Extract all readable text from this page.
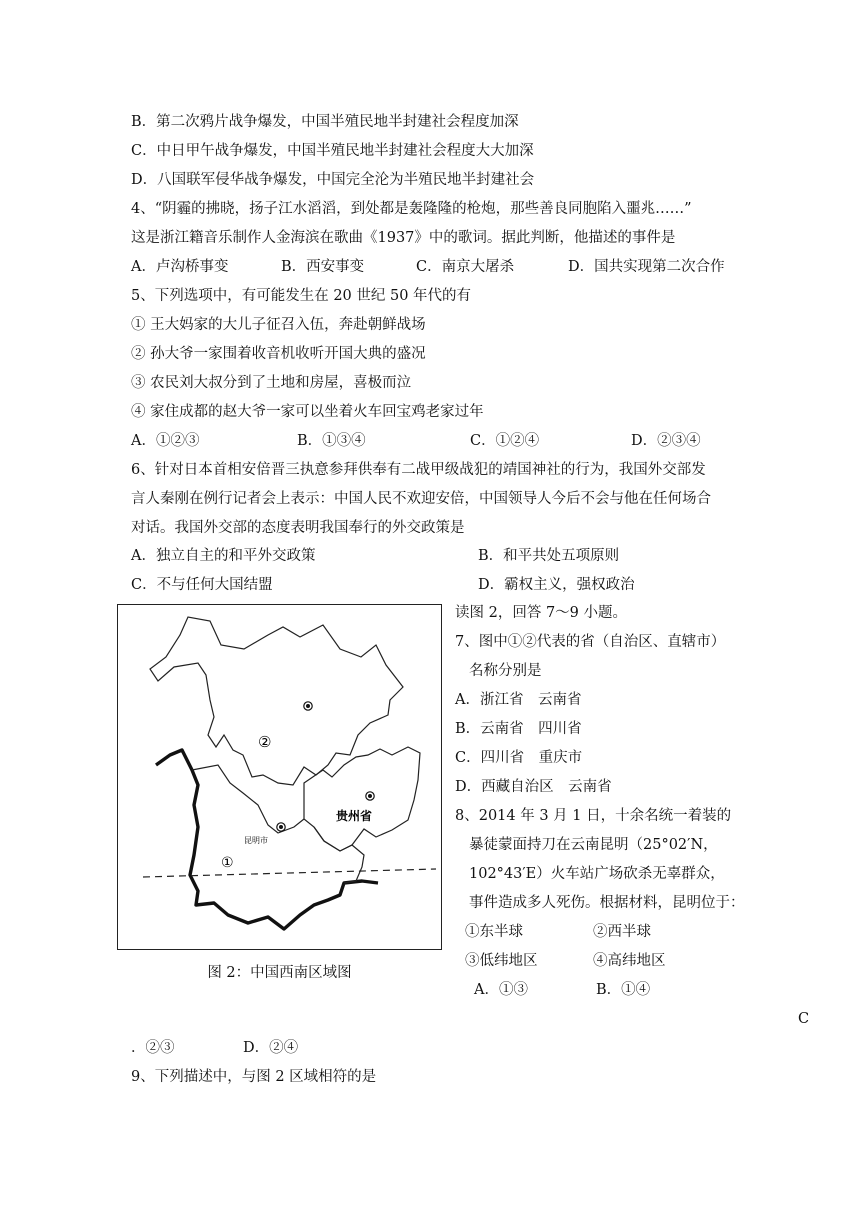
B．第二次鸦片战争爆发，中国半殖民地半封建社会程度加深
C．中日甲午战争爆发，中国半殖民地半封建社会程度大大加深
D．八国联军侵华战争爆发，中国完全沦为半殖民地半封建社会
4、“阴霾的拂晓，扬子江水滔滔，到处都是轰隆隆的枪炮，那些善良同胞陷入噩兆……”
这是浙江籍音乐制作人金海滨在歌曲《1937》中的歌词。据此判断，他描述的事件是
A．卢沟桥事变	B．西安事变	C．南京大屠杀	D．国共实现第二次合作
5、下列选项中，有可能发生在 20 世纪 50 年代的有
① 王大妈家的大儿子征召入伍，奔赴朝鲜战场
② 孙大爷一家围着收音机收听开国大典的盛况
③ 农民刘大叔分到了土地和房屋，喜极而泣
④ 家住成都的赵大爷一家可以坐着火车回宝鸡老家过年
A．①②③	B．①③④	C．①②④	D．②③④
6、针对日本首相安倍晋三执意参拜供奉有二战甲级战犯的靖国神社的行为，我国外交部发
言人秦刚在例行记者会上表示：中国人民不欢迎安倍，中国领导人今后不会与他在任何场合
对话。我国外交部的态度表明我国奉行的外交政策是
A．独立自主的和平外交政策	B．和平共处五项原则
C．不与任何大国结盟	D．霸权主义，强权政治
②
①
贵州省
昆明市
图 2：中国西南区域图
读图 2，回答 7～9 小题。
7、图中①②代表的省（自治区、直辖市）
名称分别是
A．浙江省　云南省
B．云南省　四川省
C．四川省　重庆市
D．西藏自治区　云南省
8、2014 年 3 月 1 日，十余名统一着装的
暴徒蒙面持刀在云南昆明（25°02′N，
102°43′E）火车站广场砍杀无辜群众，
事件造成多人死伤。根据材料，昆明位于：
①东半球	②西半球
③低纬地区	④高纬地区
A．①③	B．①④
C
．②③	D．②④
9、下列描述中，与图 2 区域相符的是
